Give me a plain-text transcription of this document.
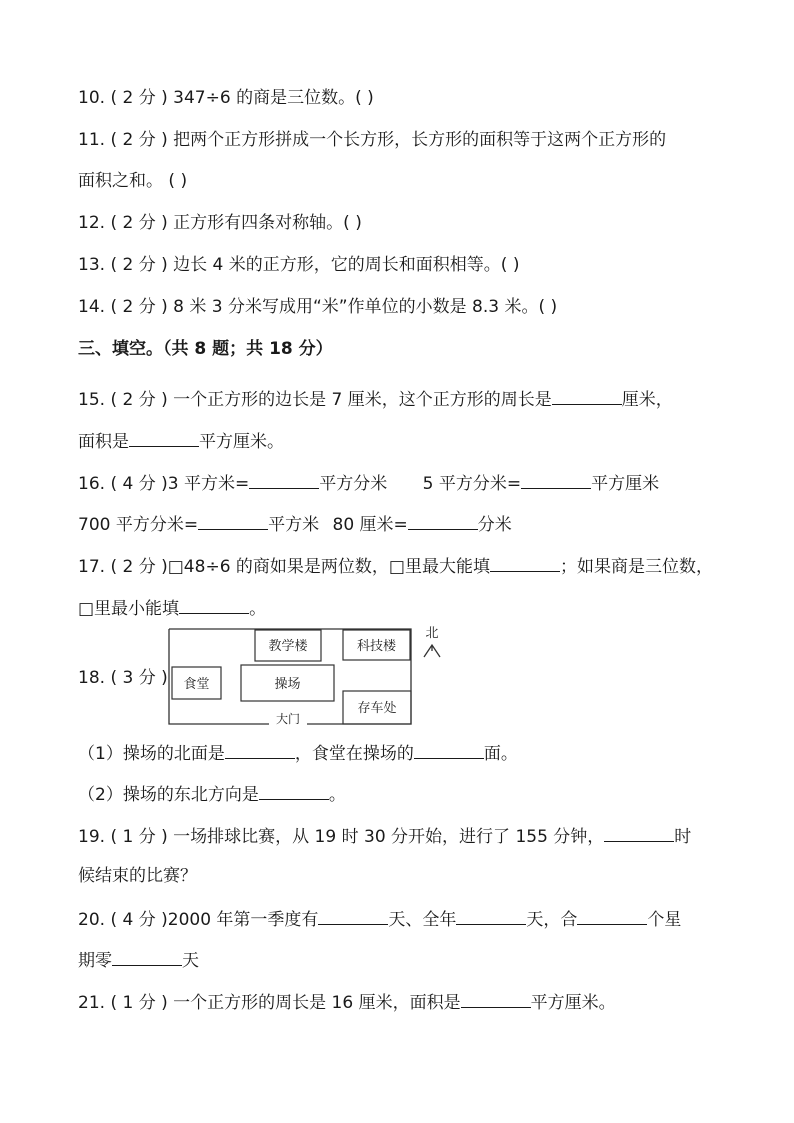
10. ( 2 分 ) 347÷6 的商是三位数。( )
11. ( 2 分 ) 把两个正方形拼成一个长方形，长方形的面积等于这两个正方形的
面积之和。 ( )
12. ( 2 分 ) 正方形有四条对称轴。( )
13. ( 2 分 ) 边长 4 米的正方形，它的周长和面积相等。( )
14. ( 2 分 ) 8 米 3 分米写成用“米”作单位的小数是 8.3 米。( )
三、填空。（共 8 题；共 18 分）
15. ( 2 分 ) 一个正方形的边长是 7 厘米，这个正方形的周长是	厘米，
面积是	平方厘米。
16. ( 4 分 )3 平方米=	平方分米 5 平方分米=	平方厘米
700 平方分米=	平方米 80 厘米=	分米
17. ( 2 分 )□48÷6 的商如果是两位数，□里最大能填	；如果商是三位数，
□里最小能填	。
18. ( 3 分 )
教学楼	科技楼
食堂	操场
存车处
大门
北
（1）操场的北面是	，食堂在操场的	面。
（2）操场的东北方向是	。
19. ( 1 分 ) 一场排球比赛，从 19 时 30 分开始，进行了 155 分钟，	时
候结束的比赛？
20. ( 4 分 )2000 年第一季度有	天、全年	天，合	个星
期零	天
21. ( 1 分 ) 一个正方形的周长是 16 厘米，面积是	平方厘米。
